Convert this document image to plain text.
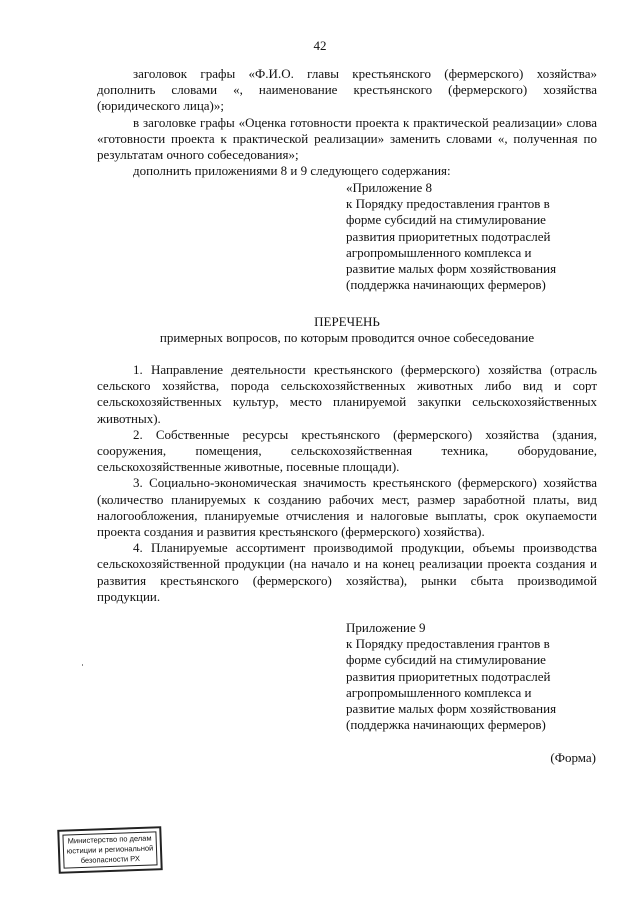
42

заголовок графы «Ф.И.О. главы крестьянского (фермерского) хозяйства» дополнить словами «, наименование крестьянского (фермерского) хозяйства (юридического лица)»;

в заголовке графы «Оценка готовности проекта к практической реализации» слова «готовности проекта к практической реализации» заменить словами «, полученная по результатам очного собеседования»;

дополнить приложениями 8 и 9 следующего содержания:

«Приложение 8

к Порядку предоставления грантов в

форме субсидий на стимулирование

развития приоритетных подотраслей

агропромышленного комплекса и

развитие малых форм хозяйствования

(поддержка начинающих фермеров)

ПЕРЕЧЕНЬ

примерных вопросов, по которым проводится очное собеседование

1. Направление деятельности крестьянского (фермерского) хозяйства (отрасль сельского хозяйства, порода сельскохозяйственных животных либо вид и сорт сельскохозяйственных культур, место планируемой закупки сельскохозяйственных животных).

2. Собственные ресурсы крестьянского (фермерского) хозяйства (здания, сооружения, помещения, сельскохозяйственная техника, оборудование, сельскохозяйственные животные, посевные площади).

3. Социально-экономическая значимость крестьянского (фермерского) хозяйства (количество планируемых к созданию рабочих мест, размер заработной платы, вид налогообложения, планируемые отчисления и налоговые выплаты, срок окупаемости проекта создания и развития крестьянского (фермерского) хозяйства).

4. Планируемые ассортимент производимой продукции, объемы производства сельскохозяйственной продукции (на начало и на конец реализации проекта создания и развития крестьянского (фермерского) хозяйства), рынки сбыта производимой продукции.

Приложение 9

к Порядку предоставления грантов в

форме субсидий на стимулирование

развития приоритетных подотраслей

агропромышленного комплекса и

развитие малых форм хозяйствования

(поддержка начинающих фермеров)

(Форма)

Министерство по делам

юстиции и региональной

безопасности РХ
